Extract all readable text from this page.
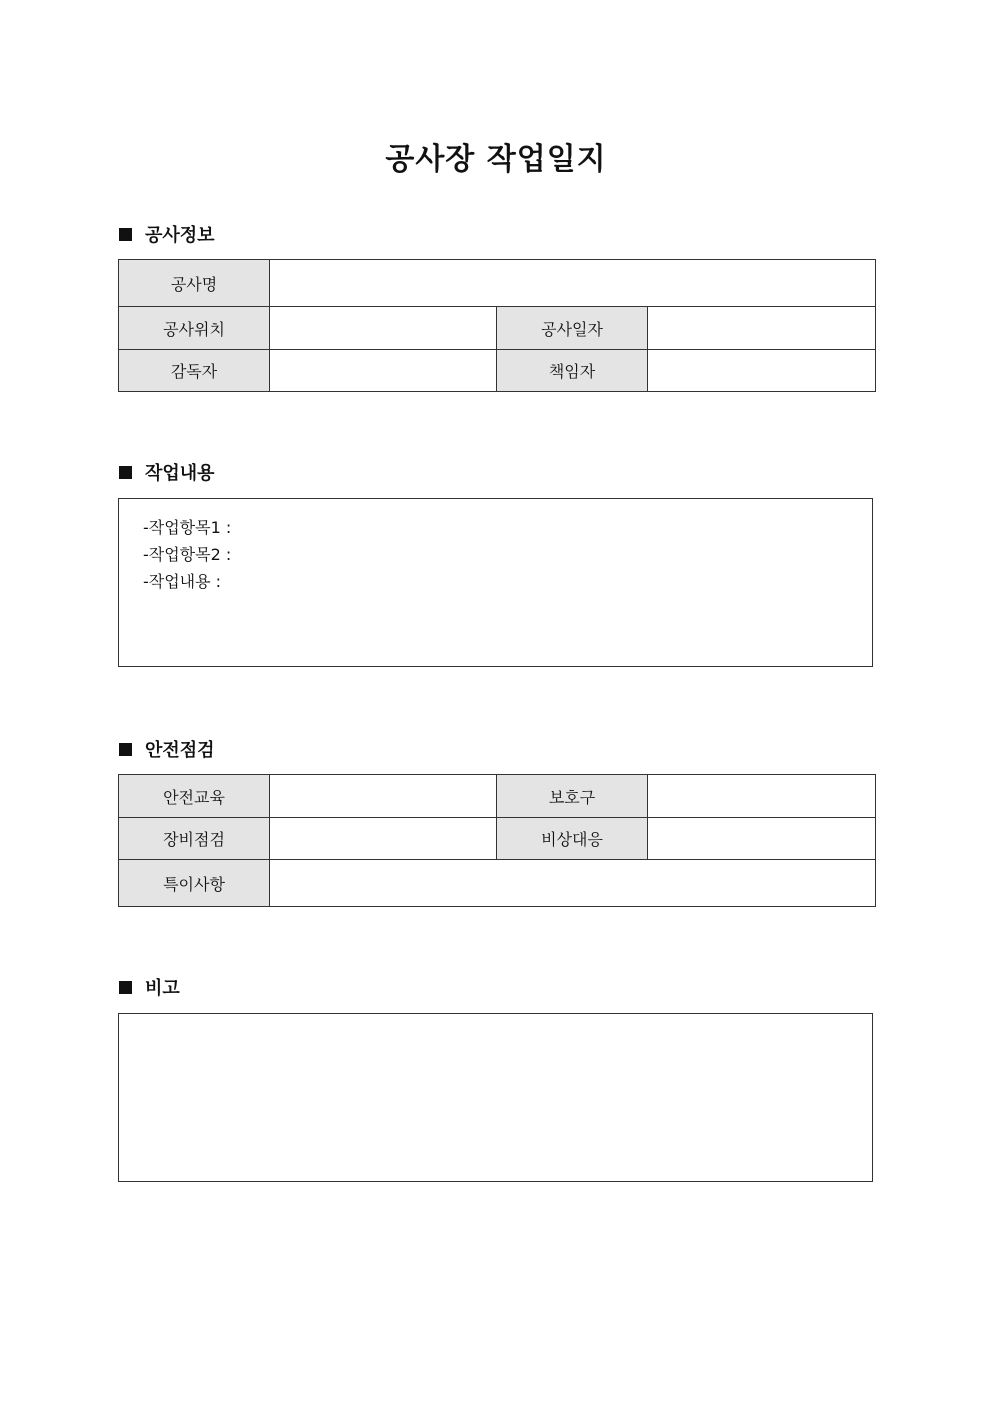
공사장 작업일지
공사정보
공사명			
공사위치		공사일자	
감독자		책임자	
작업내용
-작업항목1 :
-작업항목2 :
-작업내용 :
안전점검
안전교육		보호구	
장비점검		비상대응	
특이사항			
비고
